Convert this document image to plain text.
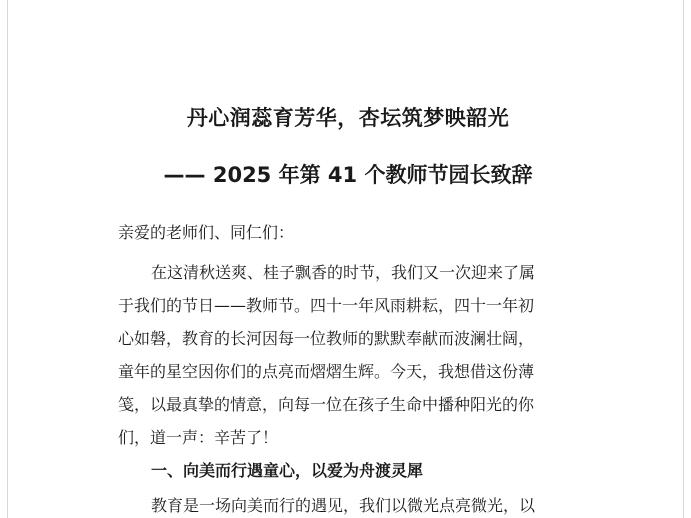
丹心润蕊育芳华，杏坛筑梦映韶光
—— 2025 年第 41 个教师节园长致辞
亲爱的老师们、同仁们：
在这清秋送爽、桂子飘香的时节，我们又一次迎来了属
于我们的节日——教师节。四十一年风雨耕耘，四十一年初
心如磐，教育的长河因每一位教师的默默奉献而波澜壮阔，
童年的星空因你们的点亮而熠熠生辉。今天，我想借这份薄
笺，以最真挚的情意，向每一位在孩子生命中播种阳光的你
们，道一声：辛苦了！
一、向美而行遇童心，以爱为舟渡灵犀
教育是一场向美而行的遇见，我们以微光点亮微光，以
